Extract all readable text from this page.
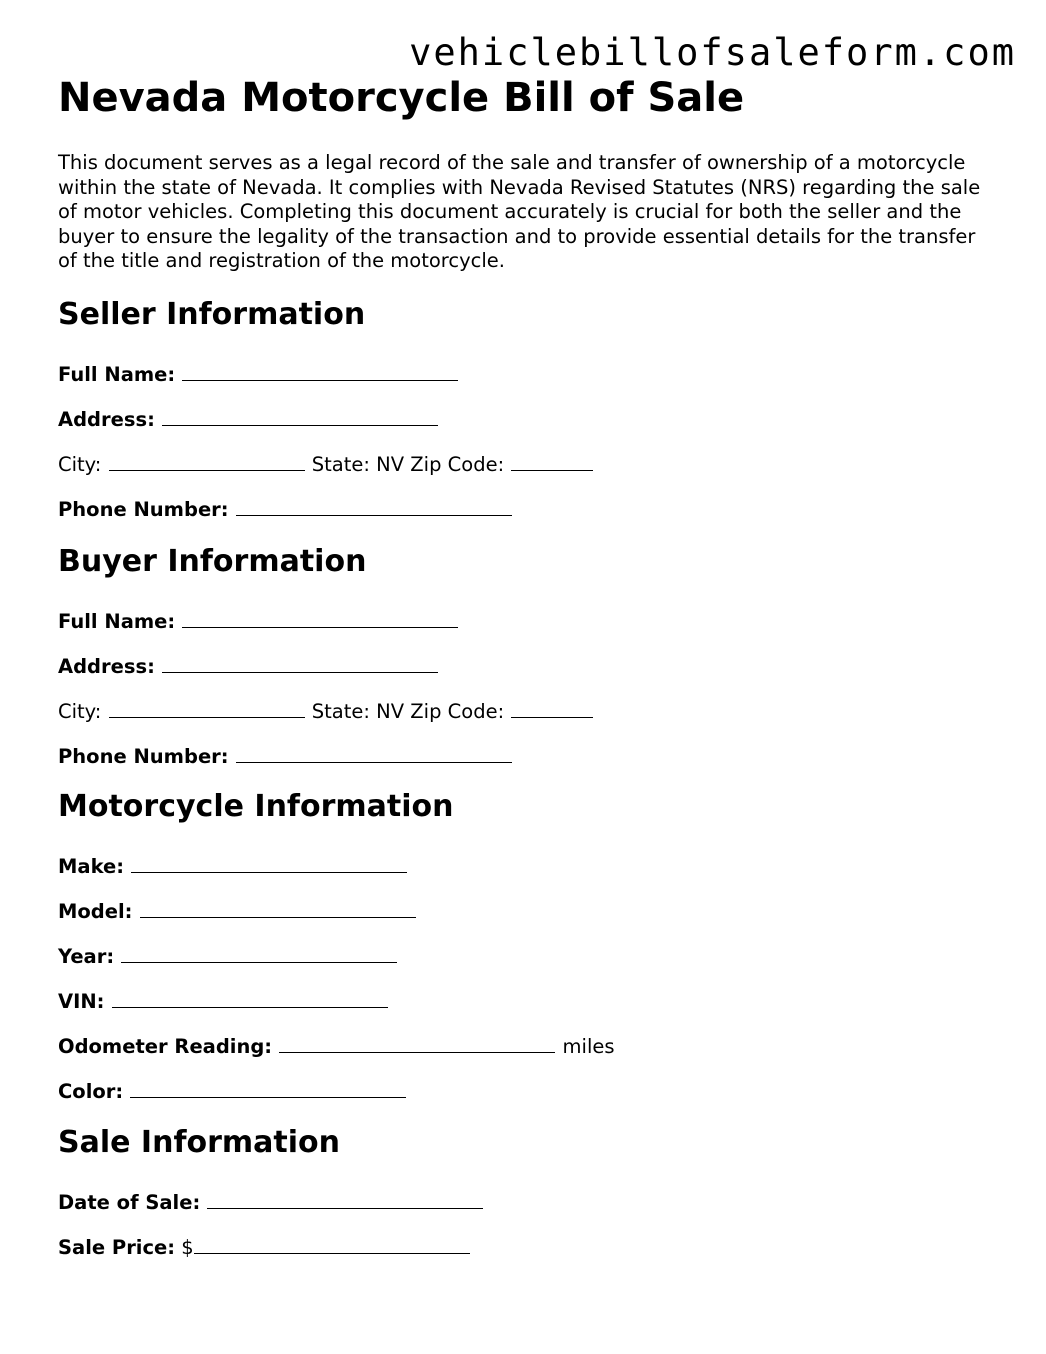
vehiclebillofsaleform.com
Nevada Motorcycle Bill of Sale

This document serves as a legal record of the sale and transfer of ownership of a motorcycle within the state of Nevada. It complies with Nevada Revised Statutes (NRS) regarding the sale of motor vehicles. Completing this document accurately is crucial for both the seller and the buyer to ensure the legality of the transaction and to provide essential details for the transfer of the title and registration of the motorcycle.

Seller Information
Full Name:
Address:
City:	State: NV Zip Code:
Phone Number:
Buyer Information
Full Name:
Address:
City:	State: NV Zip Code:
Phone Number:
Motorcycle Information
Make:
Model:
Year:
VIN:
Odometer Reading:	miles
Color:
Sale Information
Date of Sale:
Sale Price: $
